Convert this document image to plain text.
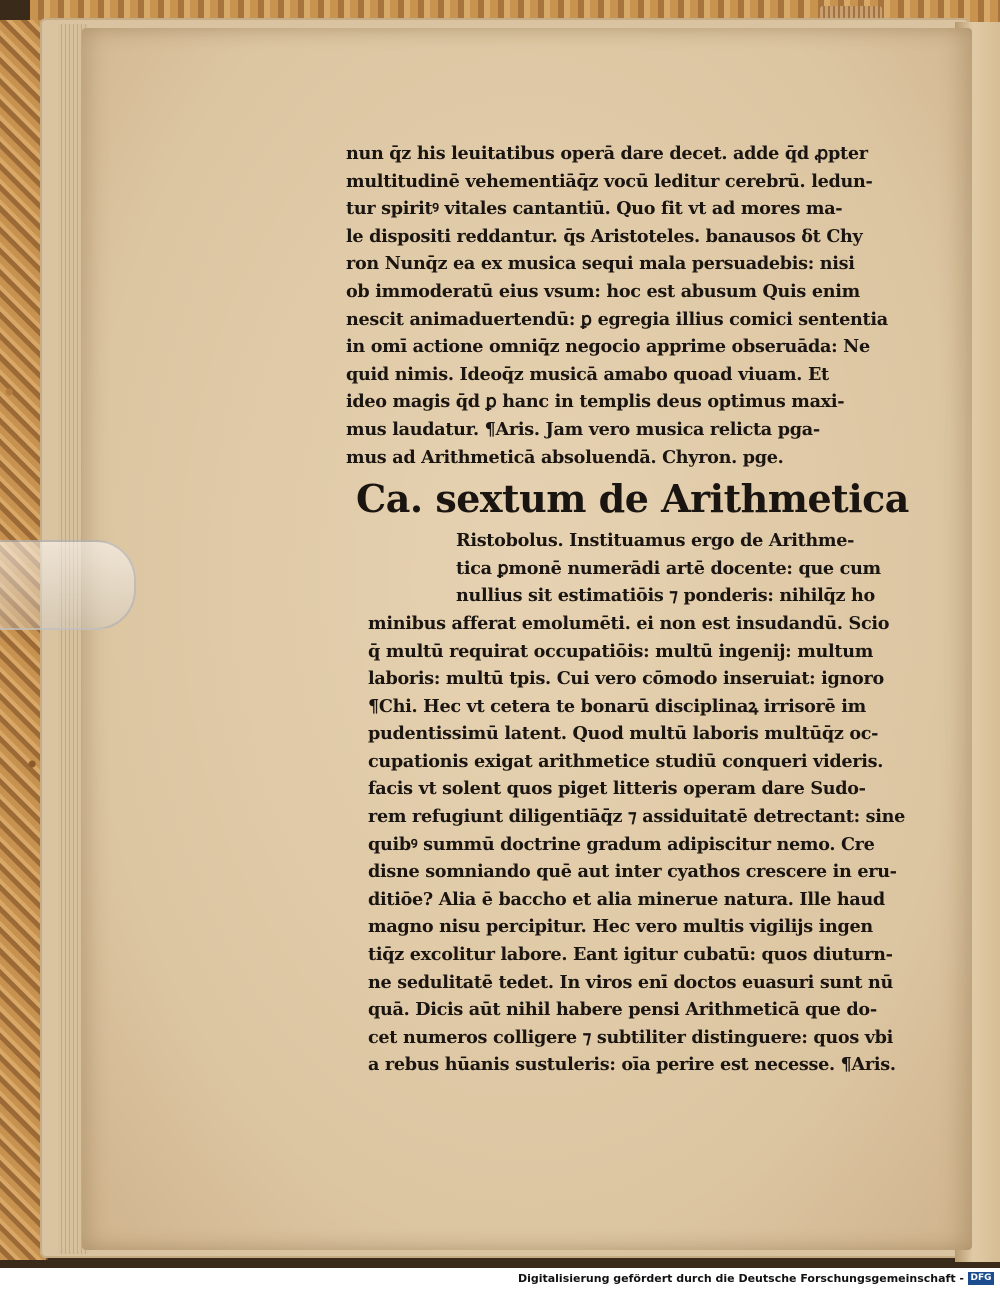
nun q̄z his leuitatibus operā dare decet. adde q̄d ꝓpter
multitudinē vehementiāq̄z vocū leditur cerebrū. ledun-
tur spiritꝰ vitales cantantiū. Quo fit vt ad mores ma-
le dispositi reddantur. q̄s Aristoteles. banausos δt Chy
ron Nunq̄z ea ex musica sequi mala persuadebis: nisi
ob immoderatū eius vsum: hoc est abusum Quis enim
nescit animaduertendū: ꝑ egregia illius comici sententia
in omī actione omniq̄z negocio apprime obseruāda: Ne
quid nimis. Ideoq̄z musicā amabo quoad viuam. Et
ideo magis q̄d ꝑ hanc in templis deus optimus maxi-
mus laudatur. ¶Aris. Jam vero musica relicta pga-
mus ad Arithmeticā absoluendā. Chyron. pge.
Ca. sextum de Arithmetica
Ristobolus. Instituamus ergo de Arithme-
tica ꝑmonē numerādi artē docente: que cum
nullius sit estimatiōis ⁊ ponderis: nihilq̄z ho
minibus afferat emolumēti. ei non est insudandū. Scio
q̄ multū requirat occupatiōis: multū ingenij: multum
laboris: multū tpis. Cui vero cōmodo inseruiat: ignoro
¶Chi. Hec vt cetera te bonarū disciplinaꝝ irrisorē im
pudentissimū latent. Quod multū laboris multūq̄z oc-
cupationis exigat arithmetice studiū conqueri videris.
facis vt solent quos piget litteris operam dare Sudo-
rem refugiunt diligentiāq̄z ⁊ assiduitatē detrectant: sine
quibꝰ summū doctrine gradum adipiscitur nemo. Cre
disne somniando quē aut inter cyathos crescere in eru-
ditiōe? Alia ē baccho et alia minerue natura. Ille haud
magno nisu percipitur. Hec vero multis vigilijs ingen
tiq̄z excolitur labore. Eant igitur cubatū: quos diuturn-
ne sedulitatē tedet. In viros enī doctos euasuri sunt nū
quā. Dicis aūt nihil habere pensi Arithmeticā que do-
cet numeros colligere ⁊ subtiliter distinguere: quos vbi
a rebus hūanis sustuleris: oīa perire est necesse. ¶Aris.
Digitalisierung gefördert durch die Deutsche Forschungsgemeinschaft - DFG
